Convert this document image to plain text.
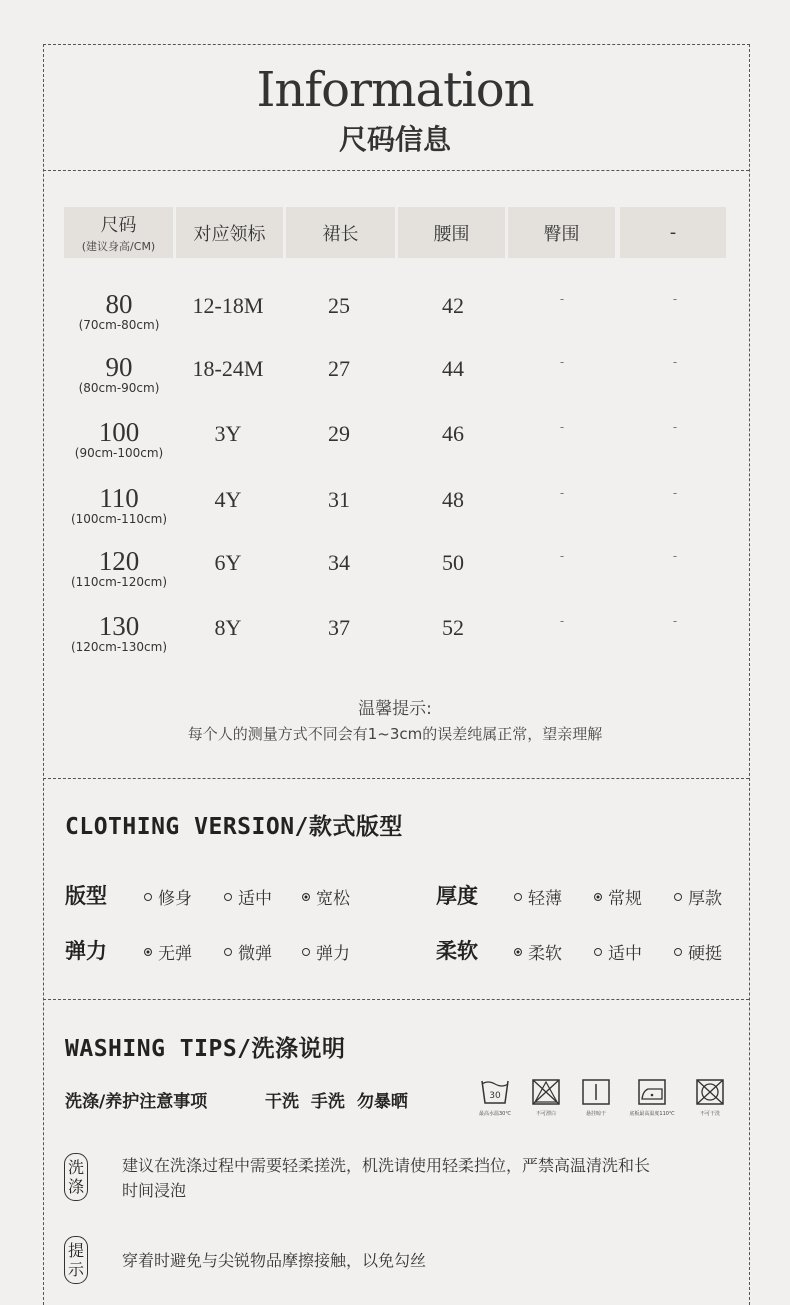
Information
尺码信息
尺码
(建议身高/CM)
对应领标	裙长	腰围	臀围	-
80
(70cm-80cm)
12-18M	25	42	-	-
90
(80cm-90cm)
18-24M	27	44	-	-
100
(90cm-100cm)
3Y	29	46	-	-
110
(100cm-110cm)
4Y	31	48	-	-
120
(110cm-120cm)
6Y	34	50	-	-
130
(120cm-130cm)
8Y	37	52	-	-
温馨提示:
每个人的测量方式不同会有1~3cm的误差纯属正常，望亲理解
CLOTHING VERSION/款式版型
版型	修身	适中	宽松	厚度	轻薄	常规	厚款
弹力	无弹	微弹	弹力	柔软	柔软	适中	硬挺
WASHING TIPS/洗涤说明
洗涤/养护注意事项	干洗 手洗 勿暴晒	30
最高水温30℃	不可漂白	悬挂晾干	底板最高温度110℃	不可干洗
洗涤
建议在洗涤过程中需要轻柔搓洗，机洗请使用轻柔挡位，严禁高温清洗和长时间浸泡
提示 穿着时避免与尖锐物品摩擦接触，以免勾丝
